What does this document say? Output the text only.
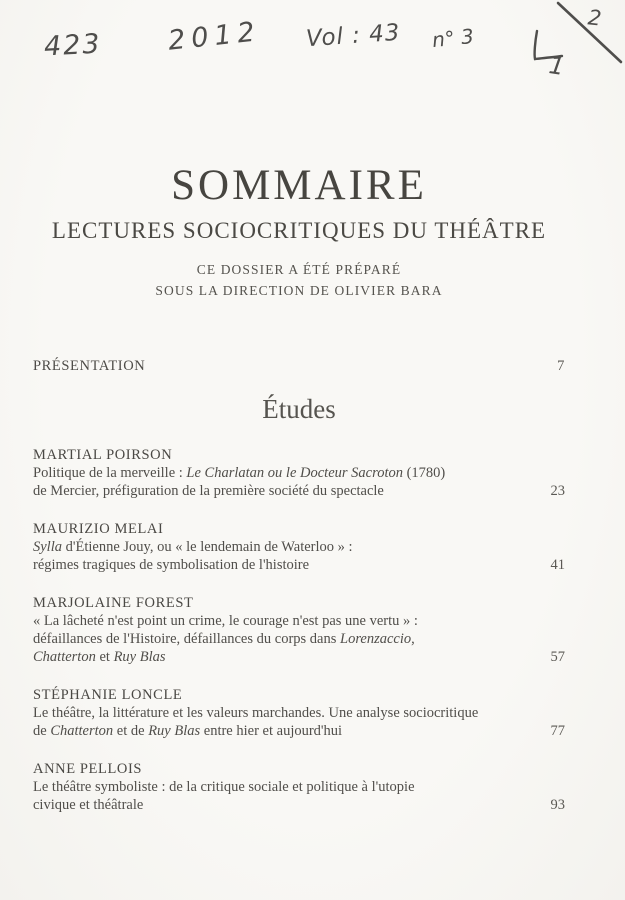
423 2012 Vol : 43 n° 3
2
1
SOMMAIRE
LECTURES SOCIOCRITIQUES DU THÉÂTRE
CE DOSSIER A ÉTÉ PRÉPARÉ
SOUS LA DIRECTION DE OLIVIER BARA
PRÉSENTATION	7
Études
MARTIAL POIRSON
Politique de la merveille : Le Charlatan ou le Docteur Sacroton (1780)
de Mercier, préfiguration de la première société du spectacle	23
MAURIZIO MELAI
Sylla d'Étienne Jouy, ou « le lendemain de Waterloo » :
régimes tragiques de symbolisation de l'histoire	41
MARJOLAINE FOREST
« La lâcheté n'est point un crime, le courage n'est pas une vertu » :
défaillances de l'Histoire, défaillances du corps dans Lorenzaccio,
Chatterton et Ruy Blas	57
STÉPHANIE LONCLE
Le théâtre, la littérature et les valeurs marchandes. Une analyse sociocritique
de Chatterton et de Ruy Blas entre hier et aujourd'hui	77
ANNE PELLOIS
Le théâtre symboliste : de la critique sociale et politique à l'utopie
civique et théâtrale	93
